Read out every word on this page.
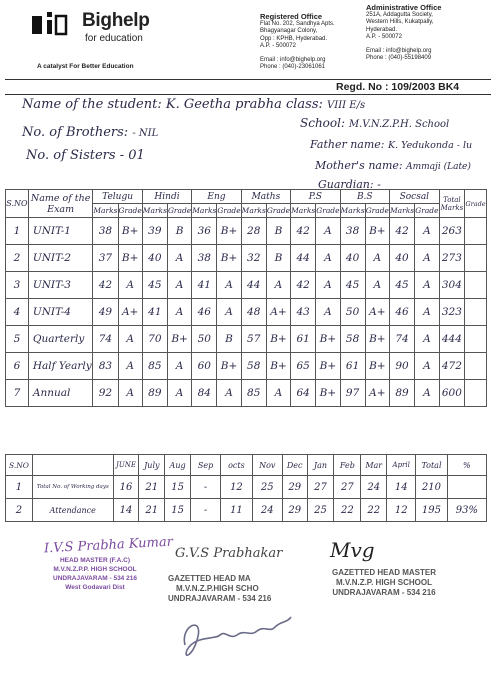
Bighelp
for education
A catalyst For Better Education
Registered Office
Flat No. 202, Sandhya Apts.
Bhagyanagar Colony,
Opp : KPHB, Hyderabad.
A.P. - 500072
Email : info@bighelp.org
Phone : (040)-23061061
Administrative Office
251A, Addagutta Society,
Western Hills, Kukatpally,
Hyderabad.
A.P. - 500072
Email : info@bighelp.org
Phone : (040)-55198409
Regd. No : 109/2003 BK4
Name of the student: K. Geetha prabha class: VIII E/s
No. of Brothers: - NIL
School: M.V.N.Z.P.H. School
Father name: K. Yedukonda - lu
No. of Sisters - 01
Mother's name: Ammaji (Late)
Guardian: -
S.NO	Name of the Exam	Telugu		Hindi		Eng		Maths		P.S		B.S		Socsal		Total Marks	Grade
		Marks	Grade	Marks	Grade	Marks	Grade	Marks	Grade	Marks	Grade	Marks	Grade	Marks	Grade		
1	UNIT-1	38	B+	39	B	36	B+	28	B	42	A	38	B+	42	A	263	
2	UNIT-2	37	B+	40	A	38	B+	32	B	44	A	40	A	40	A	273	
3	UNIT-3	42	A	45	A	41	A	44	A	42	A	45	A	45	A	304	
4	UNIT-4	49	A+	41	A	46	A	48	A+	43	A	50	A+	46	A	323	
5	Quarterly	74	A	70	B+	50	B	57	B+	61	B+	58	B+	74	A	444	
6	Half Yearly	83	A	85	A	60	B+	58	B+	65	B+	61	B+	90	A	472	
7	Annual	92	A	89	A	84	A	85	A	64	B+	97	A+	89	A	600	
S.NO		JUNE	July	Aug	Sep	octs	Nov	Dec	Jan	Feb	Mar	April	Total	%
1	Total No. of Working days	16	21	15	-	12	25	29	27	27	24	14	210	
2	Attendance	14	21	15	-	11	24	29	25	22	22	12	195	93%
I.V.S Prabha Kumar
HEAD MASTER (F.A.C)
M.V.N.Z.P.P. HIGH SCHOOL
UNDRAJAVARAM - 534 216
West Godavari Dist
G.V.S Prabhakar
GAZETTED HEAD MA
M.V.N.Z.P.HIGH SCHO
UNDRAJAVARAM - 534 216
Mvg
GAZETTED HEAD MASTER
M.V.N.Z.P. HIGH SCHOOL
UNDRAJAVARAM - 534 216
